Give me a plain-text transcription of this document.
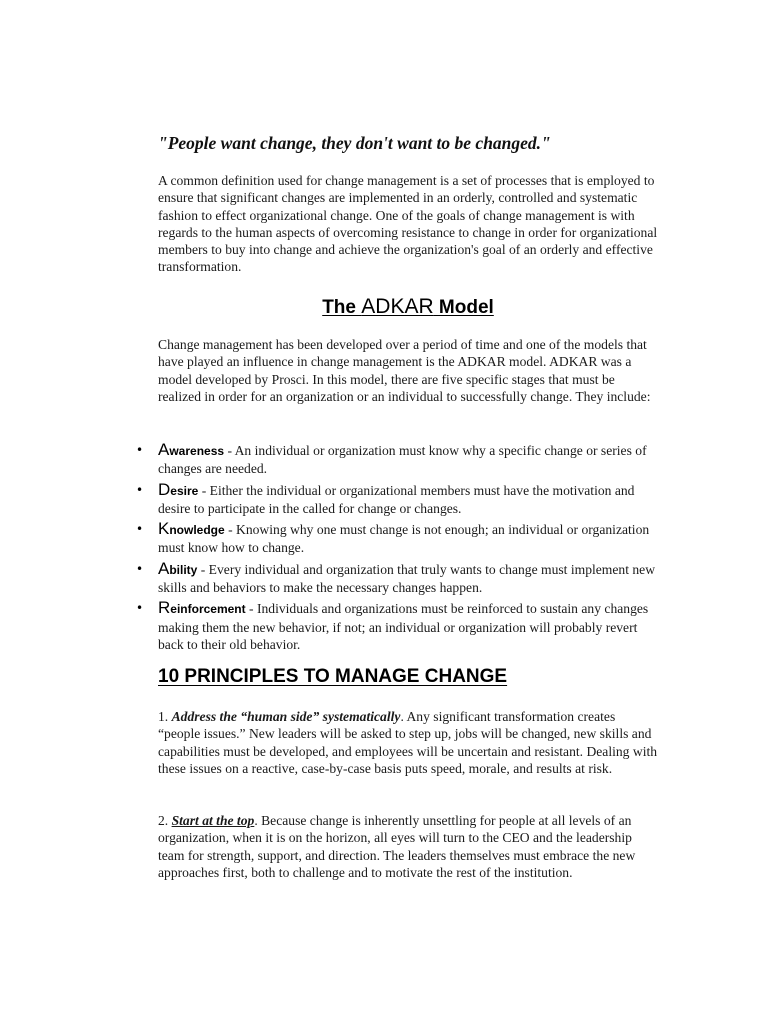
"People want change, they don't want to be changed."

A common definition used for change management is a set of processes that is employed to ensure that significant changes are implemented in an orderly, controlled and systematic fashion to effect organizational change. One of the goals of change management is with regards to the human aspects of overcoming resistance to change in order for organizational members to buy into change and achieve the organization's goal of an orderly and effective transformation.

The ADKAR Model

Change management has been developed over a period of time and one of the models that have played an influence in change management is the ADKAR model. ADKAR was a model developed by Prosci. In this model, there are five specific stages that must be realized in order for an organization or an individual to successfully change. They include:

• Awareness - An individual or organization must know why a specific change or series of changes are needed.
• Desire - Either the individual or organizational members must have the motivation and desire to participate in the called for change or changes.
• Knowledge - Knowing why one must change is not enough; an individual or organization must know how to change.
• Ability - Every individual and organization that truly wants to change must implement new skills and behaviors to make the necessary changes happen.
• Reinforcement - Individuals and organizations must be reinforced to sustain any changes making them the new behavior, if not; an individual or organization will probably revert back to their old behavior.
10 PRINCIPLES TO MANAGE CHANGE

1. Address the “human side” systematically. Any significant transformation creates “people issues.” New leaders will be asked to step up, jobs will be changed, new skills and capabilities must be developed, and employees will be uncertain and resistant. Dealing with these issues on a reactive, case-by-case basis puts speed, morale, and results at risk.

2. Start at the top. Because change is inherently unsettling for people at all levels of an organization, when it is on the horizon, all eyes will turn to the CEO and the leadership team for strength, support, and direction. The leaders themselves must embrace the new approaches first, both to challenge and to motivate the rest of the institution.
